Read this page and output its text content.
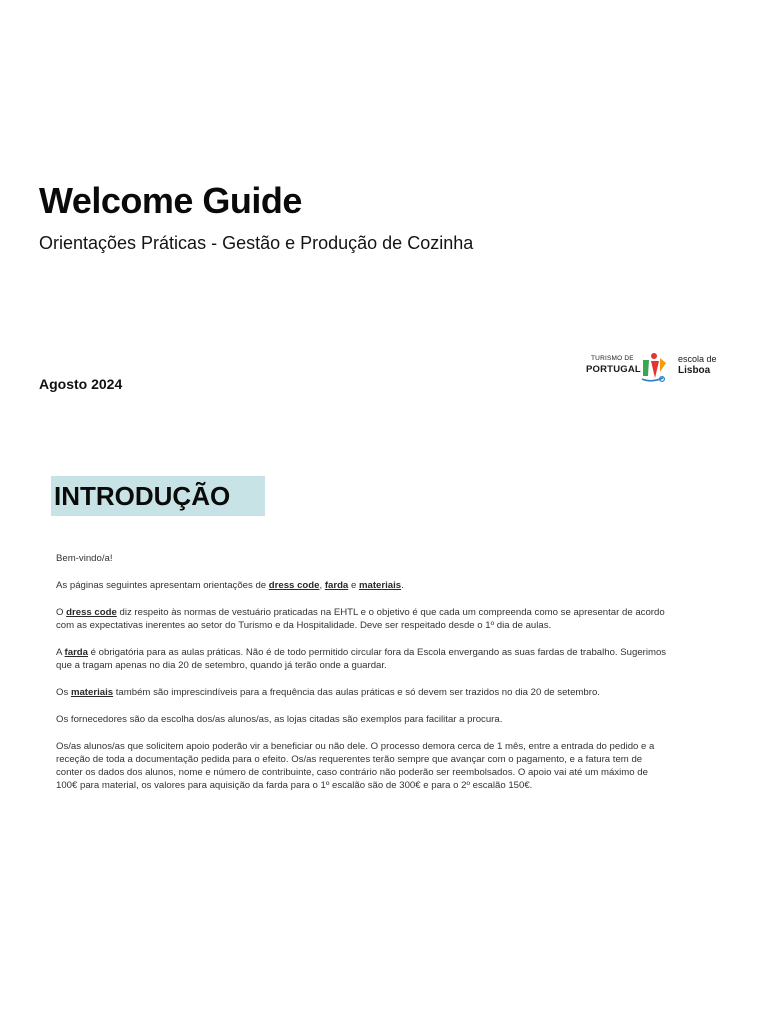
Welcome Guide
Orientações Práticas - Gestão e Produção de Cozinha
Agosto 2024
TURISMO DE
PORTUGAL
escola de
Lisboa
INTRODUÇÃO

Bem-vindo/a!

As páginas seguintes apresentam orientações de dress code, farda e materiais.

O dress code diz respeito às normas de vestuário praticadas na EHTL e o objetivo é que cada um compreenda como se apresentar de acordo com as expectativas inerentes ao setor do Turismo e da Hospitalidade. Deve ser respeitado desde o 1º dia de aulas.

A farda é obrigatória para as aulas práticas. Não é de todo permitido circular fora da Escola envergando as suas fardas de trabalho. Sugerimos que a tragam apenas no dia 20 de setembro, quando já terão onde a guardar.

Os materiais também são imprescindíveis para a frequência das aulas práticas e só devem ser trazidos no dia 20 de setembro.

Os fornecedores são da escolha dos/as alunos/as, as lojas citadas são exemplos para facilitar a procura.

Os/as alunos/as que solicitem apoio poderão vir a beneficiar ou não dele. O processo demora cerca de 1 mês, entre a entrada do pedido e a receção de toda a documentação pedida para o efeito. Os/as requerentes terão sempre que avançar com o pagamento, e a fatura tem de conter os dados dos alunos, nome e número de contribuinte, caso contrário não poderão ser reembolsados. O apoio vai até um máximo de 100€ para material, os valores para aquisição da farda para o 1º escalão são de 300€ e para o 2º escalão 150€.
